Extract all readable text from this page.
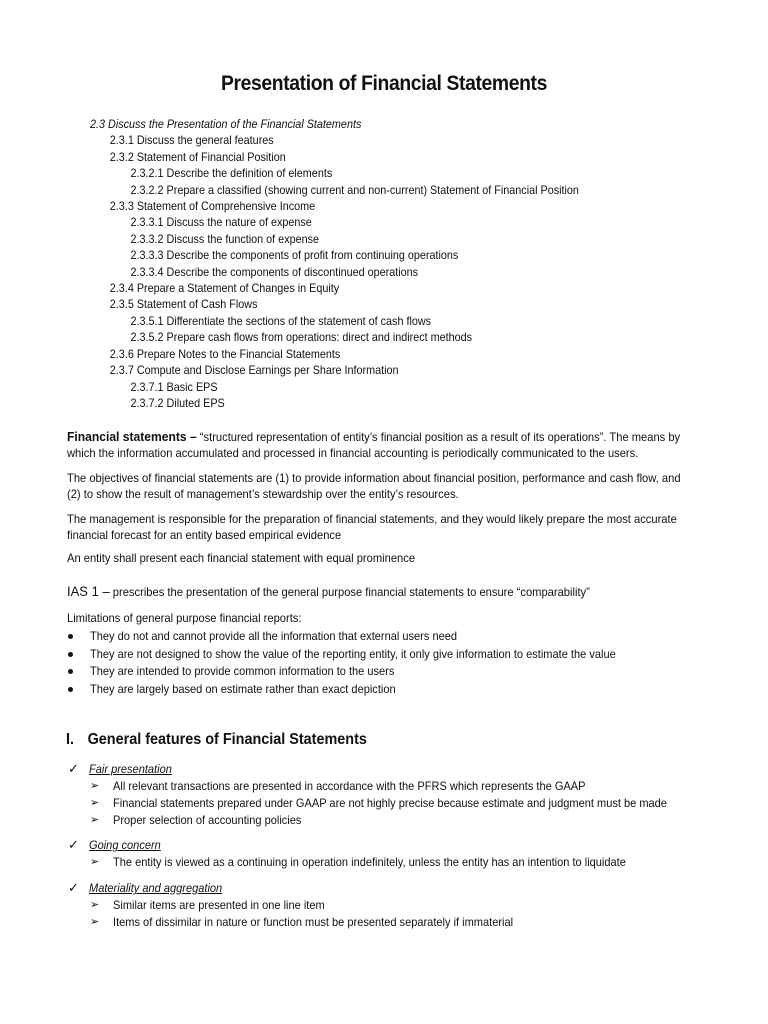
Presentation of Financial Statements
2.3 Discuss the Presentation of the Financial Statements
2.3.1 Discuss the general features
2.3.2 Statement of Financial Position
2.3.2.1 Describe the definition of elements
2.3.2.2 Prepare a classified (showing current and non-current) Statement of Financial Position
2.3.3 Statement of Comprehensive Income
2.3.3.1 Discuss the nature of expense
2.3.3.2 Discuss the function of expense
2.3.3.3 Describe the components of profit from continuing operations
2.3.3.4 Describe the components of discontinued operations
2.3.4 Prepare a Statement of Changes in Equity
2.3.5 Statement of Cash Flows
2.3.5.1 Differentiate the sections of the statement of cash flows
2.3.5.2 Prepare cash flows from operations: direct and indirect methods
2.3.6 Prepare Notes to the Financial Statements
2.3.7 Compute and Disclose Earnings per Share Information
2.3.7.1 Basic EPS
2.3.7.2 Diluted EPS

Financial statements – “structured representation of entity’s financial position as a result of its operations”. The means by

which the information accumulated and processed in financial accounting is periodically communicated to the users.

The objectives of financial statements are (1) to provide information about financial position, performance and cash flow, and

(2) to show the result of management’s stewardship over the entity’s resources.

The management is responsible for the preparation of financial statements, and they would likely prepare the most accurate

financial forecast for an entity based empirical evidence

An entity shall present each financial statement with equal prominence

IAS 1 – prescribes the presentation of the general purpose financial statements to ensure “comparability”

Limitations of general purpose financial reports:

They do not and cannot provide all the information that external users need
They are not designed to show the value of the reporting entity, it only give information to estimate the value
They are intended to provide common information to the users
They are largely based on estimate rather than exact depiction
I. General features of Financial Statements
✓ Fair presentation
➢ All relevant transactions are presented in accordance with the PFRS which represents the GAAP
➢ Financial statements prepared under GAAP are not highly precise because estimate and judgment must be made
➢ Proper selection of accounting policies
✓ Going concern
➢ The entity is viewed as a continuing in operation indefinitely, unless the entity has an intention to liquidate
✓ Materiality and aggregation
➢ Similar items are presented in one line item
➢ Items of dissimilar in nature or function must be presented separately if immaterial
